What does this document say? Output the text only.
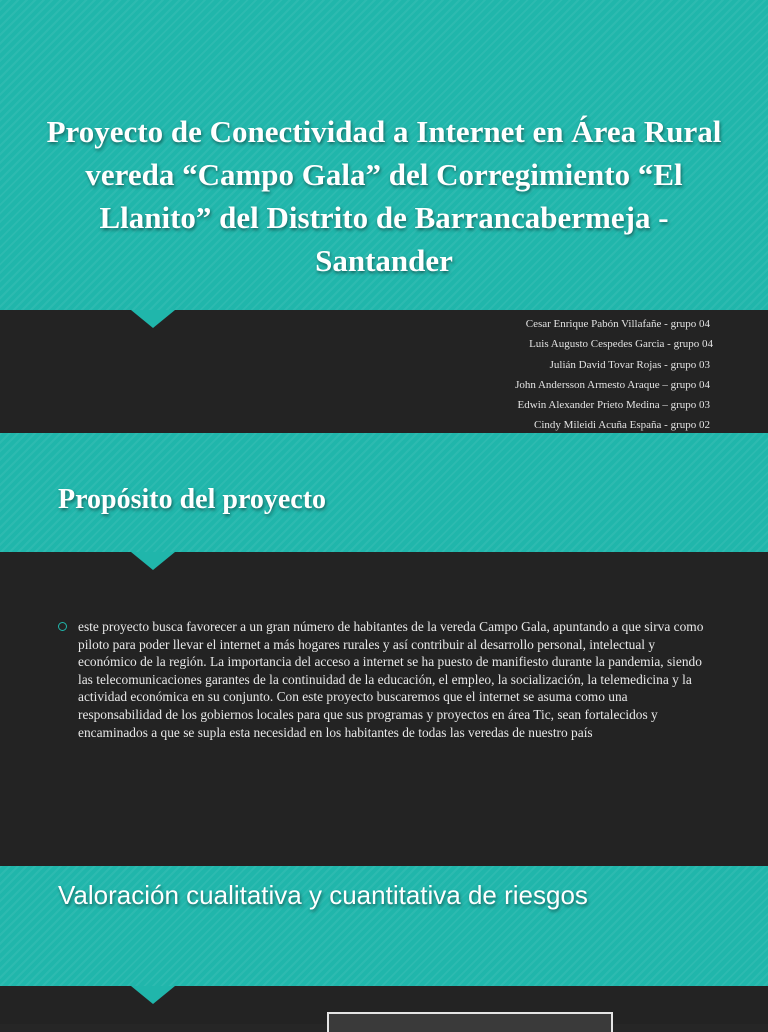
Proyecto de Conectividad a Internet en Área Rural vereda “Campo Gala” del Corregimiento “El Llanito” del Distrito de Barrancabermeja - Santander
Cesar Enrique Pabón Villafañe - grupo 04
Luis Augusto Cespedes Garcia - grupo 04
Julián David Tovar Rojas - grupo 03
John Andersson Armesto Araque – grupo 04
Edwin Alexander Prieto Medina – grupo 03
Cindy Mileidi Acuña España - grupo 02
Propósito del proyecto

este proyecto busca favorecer a un gran número de habitantes de la vereda Campo Gala, apuntando a que sirva como piloto para poder llevar el internet a más hogares rurales y así contribuir al desarrollo personal, intelectual y económico de la región. La importancia del acceso a internet se ha puesto de manifiesto durante la pandemia, siendo las telecomunicaciones garantes de la continuidad de la educación, el empleo, la socialización, la telemedicina y la actividad económica en su conjunto. Con este proyecto buscaremos que el internet se asuma como una responsabilidad de los gobiernos locales para que sus programas y proyectos en área Tic, sean fortalecidos y encaminados a que se supla esta necesidad en los habitantes de todas las veredas de nuestro país

Valoración cualitativa y cuantitativa de riesgos
